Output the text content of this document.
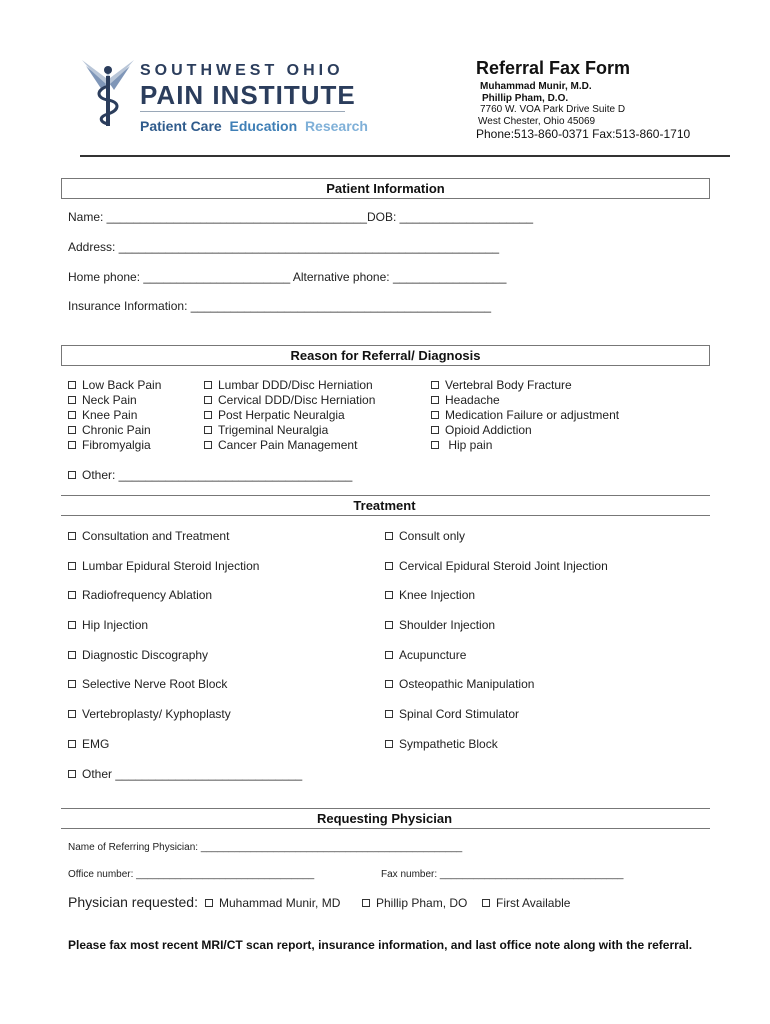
SOUTHWEST OHIO
PAIN INSTITUTE
Patient Care Education Research
Referral Fax Form
Muhammad Munir, M.D.
Phillip Pham, D.O.
7760 W. VOA Park Drive Suite D
West Chester, Ohio 45069
Phone:513-860-0371 Fax:513-860-1710
Patient Information
Name: _______________________________________DOB: ____________________
Address: _________________________________________________________
Home phone: ______________________ Alternative phone: _________________
Insurance Information: _____________________________________________
Reason for Referral/ Diagnosis
Low Back Pain
Neck Pain
Knee Pain
Chronic Pain
Fibromyalgia
Lumbar DDD/Disc Herniation
Cervical DDD/Disc Herniation
Post Herpatic Neuralgia
Trigeminal Neuralgia
Cancer Pain Management
Vertebral Body Fracture
Headache
Medication Failure or adjustment
Opioid Addiction
Hip pain
Other: ___________________________________
Treatment
Consultation and Treatment
Lumbar Epidural Steroid Injection
Radiofrequency Ablation
Hip Injection
Diagnostic Discography
Selective Nerve Root Block
Vertebroplasty/ Kyphoplasty
EMG
Consult only
Cervical Epidural Steroid Joint Injection
Knee Injection
Shoulder Injection
Acupuncture
Osteopathic Manipulation
Spinal Cord Stimulator
Sympathetic Block
Other ____________________________
Requesting Physician
Name of Referring Physician: _______________________________________________
Office number: ________________________________	Fax number: _________________________________
Physician requested:	Muhammad Munir, MD	Phillip Pham, DO	First Available
Please fax most recent MRI/CT scan report, insurance information, and last office note along with the referral.
